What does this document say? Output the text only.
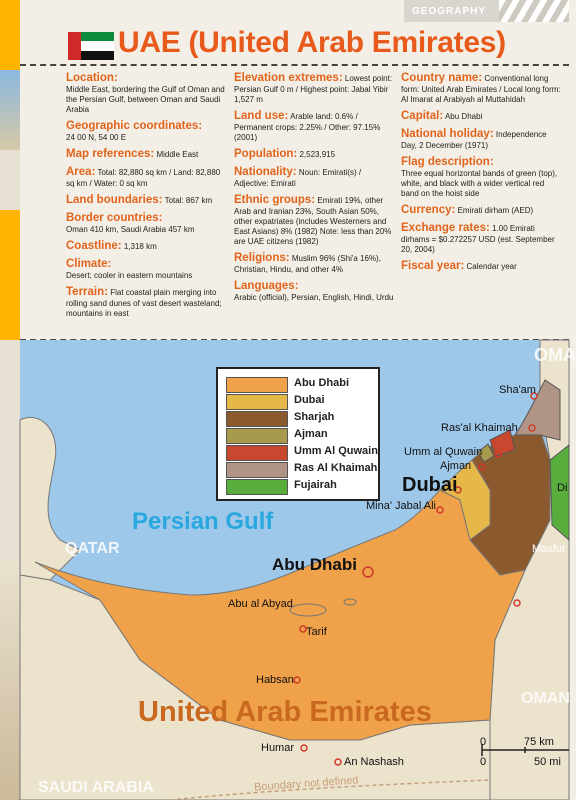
GEOGRAPHY
UAE (United Arab Emirates)
Location:
Middle East, bordering the Gulf of Oman and the Persian Gulf, between Oman and Saudi Arabia
Geographic coordinates:
24 00 N, 54 00 E
Map references: Middle East
Area: Total: 82,880 sq km / Land: 82,880 sq km / Water: 0 sq km
Land boundaries: Total: 867 km
Border countries:
Oman 410 km, Saudi Arabia 457 km
Coastline: 1,318 km
Climate:
Desert; cooler in eastern mountains
Terrain: Flat coastal plain merging into rolling sand dunes of vast desert wasteland; mountains in east
Elevation extremes: Lowest point: Persian Gulf 0 m / Highest point: Jabal Yibir 1,527 m
Land use: Arable land: 0.6% / Permanent crops: 2.25% / Other: 97.15% (2001)
Population: 2,523,915
Nationality: Noun: Emirati(s) / Adjective: Emirati
Ethnic groups: Emirati 19%, other Arab and Iranian 23%, South Asian 50%, other expatriates (includes Westerners and East Asians) 8% (1982) Note: less than 20% are UAE citizens (1982)
Religions: Muslim 96% (Shi'a 16%), Christian, Hindu, and other 4%
Languages:
Arabic (official), Persian, English, Hindi, Urdu
Country name: Conventional long form: United Arab Emirates / Local long form: Al Imarat al Arabiyah al Muttahidah
Capital: Abu Dhabi
National holiday: Independence Day, 2 December (1971)
Flag description:
Three equal horizontal bands of green (top), white, and black with a wider vertical red band on the hoist side
Currency: Emirati dirham (AED)
Exchange rates: 1.00 Emirati dirhams = $0.272257 USD (est. September 20, 2004)
Fiscal year: Calendar year
Abu Dhabi
Dubai
Sharjah
Ajman
Umm Al Quwain
Ras Al Khaimah
Fujairah
Persian Gulf
QATAR
OMA
OMAN
SAUDI ARABIA
United Arab Emirates
Boundary not defined
Sha'am
Ras'al Khaimah
Umm al Quwain
Ajman
Dubai
Mina' Jabal Ali
Abu Dhabi
Abu al Abyad
Tarif
Habsan
Humar
An Nashash
Masfut
Di
0
0
75 km
50 mi
